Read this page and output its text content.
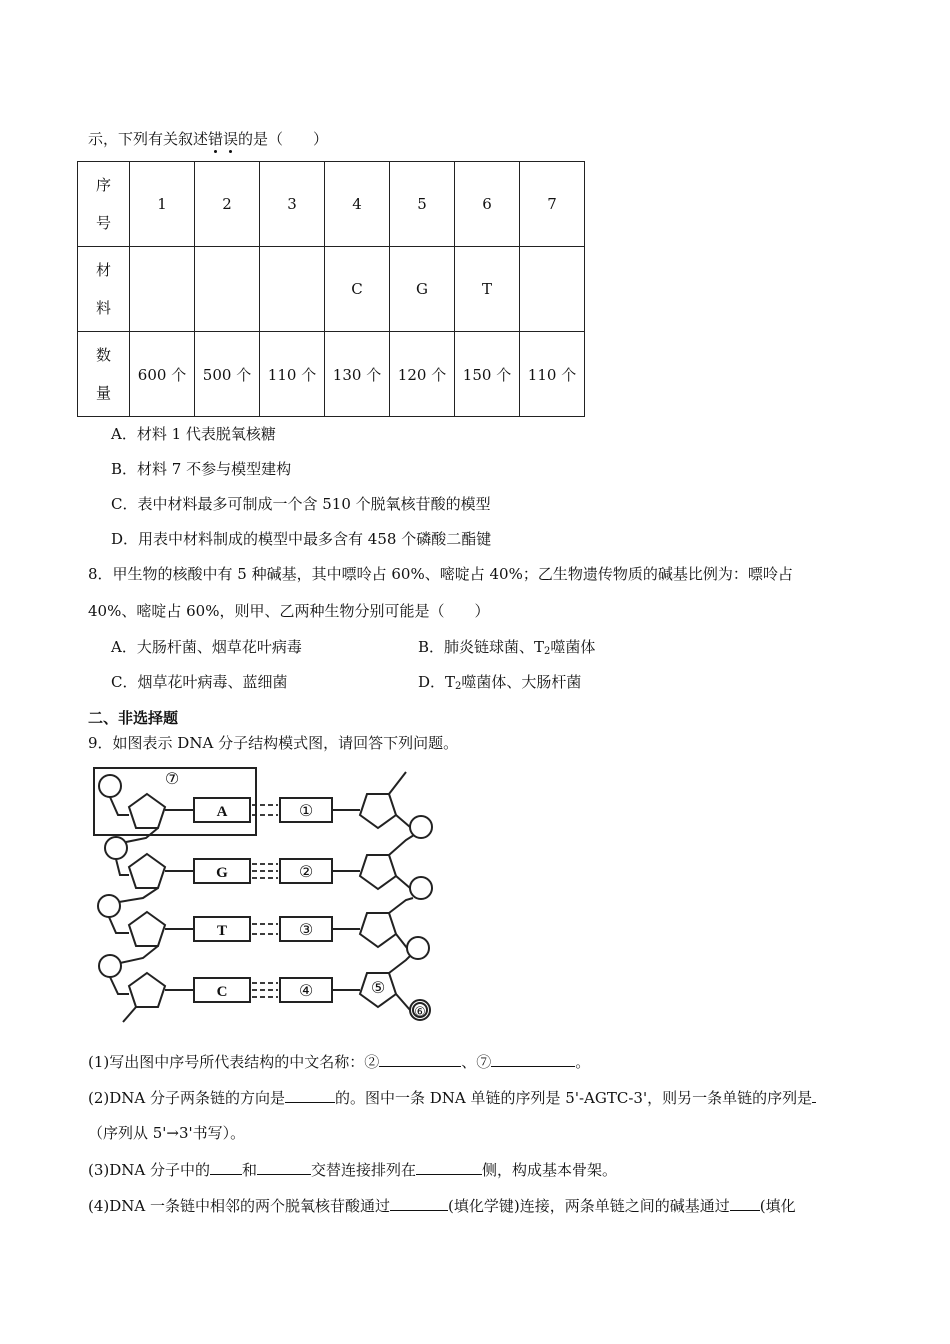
示，下列有关叙述错误的是（　　）
序号	1	2	3	4	5	6	7
材料				C	G	T	
数量	600 个	500 个	110 个	130 个	120 个	150 个	110 个
A．材料 1 代表脱氧核糖
B．材料 7 不参与模型建构
C．表中材料最多可制成一个含 510 个脱氧核苷酸的模型
D．用表中材料制成的模型中最多含有 458 个磷酸二酯键
8．甲生物的核酸中有 5 种碱基，其中嘌呤占 60%、嘧啶占 40%；乙生物遗传物质的碱基比例为：嘌呤占
40%、嘧啶占 60%，则甲、乙两种生物分别可能是（　　）
A．大肠杆菌、烟草花叶病毒	B．肺炎链球菌、$T_2$噬菌体
C．烟草花叶病毒、蓝细菌	D．$T_2$噬菌体、大肠杆菌
二、非选择题
9．如图表示 DNA 分子结构模式图，请回答下列问题。
A
G
T
C
①
②
③
④
⑦
⑤
⑥
(1)写出图中序号所代表结构的中文名称：②	、⑦	。
(2)DNA 分子两条链的方向是	的。图中一条 DNA 单链的序列是 5'-AGTC-3'，则另一条单链的序列是
（序列从 5'→3'书写）。
(3)DNA 分子中的 和	交替连接排列在	侧，构成基本骨架。
(4)DNA 一条链中相邻的两个脱氧核苷酸通过	(填化学键)连接，两条单链之间的碱基通过 (填化
